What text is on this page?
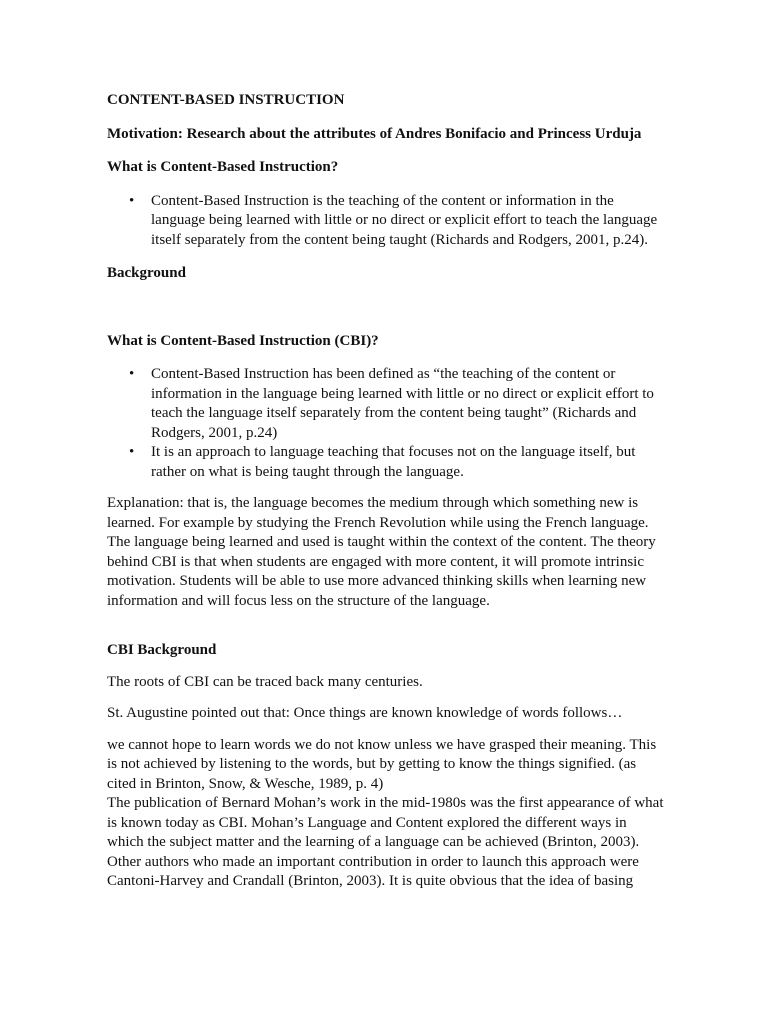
CONTENT-BASED INSTRUCTION

Motivation: Research about the attributes of Andres Bonifacio and Princess Urduja

What is Content-Based Instruction?

• Content-Based Instruction is the teaching of the content or information in the language being learned with little or no direct or explicit effort to teach the language itself separately from the content being taught (Richards and Rodgers, 2001, p.24).

Background

What is Content-Based Instruction (CBI)?

• Content-Based Instruction has been defined as “the teaching of the content or information in the language being learned with little or no direct or explicit effort to teach the language itself separately from the content being taught” (Richards and Rodgers, 2001, p.24)
• It is an approach to language teaching that focuses not on the language itself, but rather on what is being taught through the language.

Explanation: that is, the language becomes the medium through which something new is learned. For example by studying the French Revolution while using the French language. The language being learned and used is taught within the context of the content. The theory behind CBI is that when students are engaged with more content, it will promote intrinsic motivation. Students will be able to use more advanced thinking skills when learning new information and will focus less on the structure of the language.

CBI Background

The roots of CBI can be traced back many centuries.

St. Augustine pointed out that: Once things are known knowledge of words follows…

we cannot hope to learn words we do not know unless we have grasped their meaning. This is not achieved by listening to the words, but by getting to know the things signified. (as cited in Brinton, Snow, & Wesche, 1989, p. 4)

The publication of Bernard Mohan’s work in the mid-1980s was the first appearance of what is known today as CBI. Mohan’s Language and Content explored the different ways in which the subject matter and the learning of a language can be achieved (Brinton, 2003). Other authors who made an important contribution in order to launch this approach were Cantoni-Harvey and Crandall (Brinton, 2003). It is quite obvious that the idea of basing
